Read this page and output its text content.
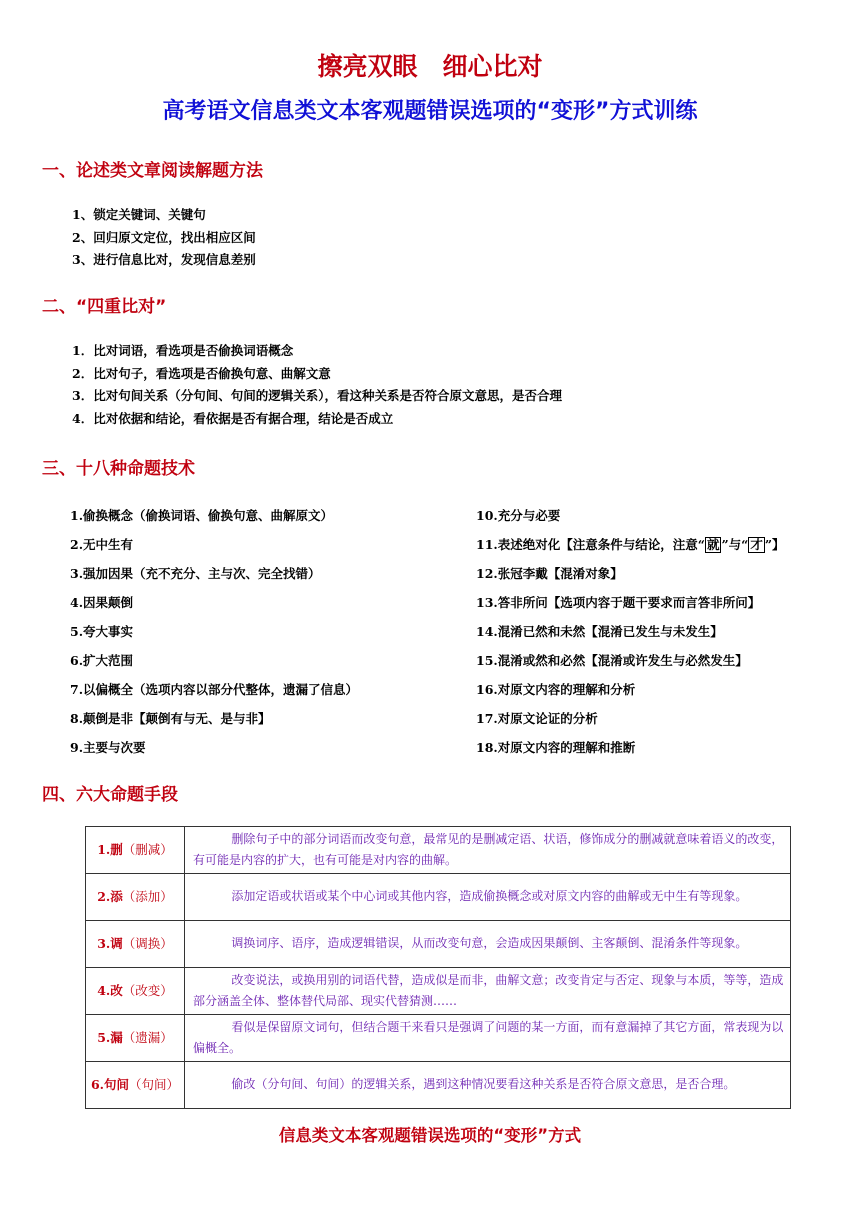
擦亮双眼　细心比对
高考语文信息类文本客观题错误选项的“变形”方式训练
一、论述类文章阅读解题方法
1、锁定关键词、关键句
2、回归原文定位，找出相应区间
3、进行信息比对，发现信息差别
二、“四重比对”
1．比对词语，看选项是否偷换词语概念
2．比对句子，看选项是否偷换句意、曲解文意
3．比对句间关系（分句间、句间的逻辑关系），看这种关系是否符合原文意思，是否合理
4．比对依据和结论，看依据是否有据合理，结论是否成立
三、十八种命题技术
1.偷换概念（偷换词语、偷换句意、曲解原文）
2.无中生有
3.强加因果（充不充分、主与次、完全找错）
4.因果颠倒
5.夸大事实
6.扩大范围
7.以偏概全（选项内容以部分代整体，遗漏了信息）
8.颠倒是非【颠倒有与无、是与非】
9.主要与次要
10.充分与必要
11.表述绝对化【注意条件与结论，注意“ 就 ”与“ 才 ”】
12.张冠李戴【混淆对象】
13.答非所问【选项内容于题干要求而言答非所问】
14.混淆已然和未然【混淆已发生与未发生】
15.混淆或然和必然【混淆或许发生与必然发生】
16.对原文内容的理解和分析
17.对原文论证的分析
18.对原文内容的理解和推断
四、六大命题手段
1.删（删减）	删除句子中的部分词语而改变句意，最常见的是删减定语、状语，修饰成分的删减就意味着语义的改变，有可能是内容的扩大，也有可能是对内容的曲解。
2.添（添加）	添加定语或状语或某个中心词或其他内容，造成偷换概念或对原文内容的曲解或无中生有等现象。
3.调（调换）	调换词序、语序，造成逻辑错误，从而改变句意，会造成因果颠倒、主客颠倒、混淆条件等现象。
4.改（改变）	改变说法，或换用别的词语代替，造成似是而非，曲解文意；改变肯定与否定、现象与本质，等等，造成部分涵盖全体、整体替代局部、现实代替猜测……
5.漏（遗漏）	看似是保留原文词句，但结合题干来看只是强调了问题的某一方面，而有意漏掉了其它方面，常表现为以偏概全。
6.句间（句间）	偷改（分句间、句间）的逻辑关系，遇到这种情况要看这种关系是否符合原文意思，是否合理。
信息类文本客观题错误选项的“变形”方式
